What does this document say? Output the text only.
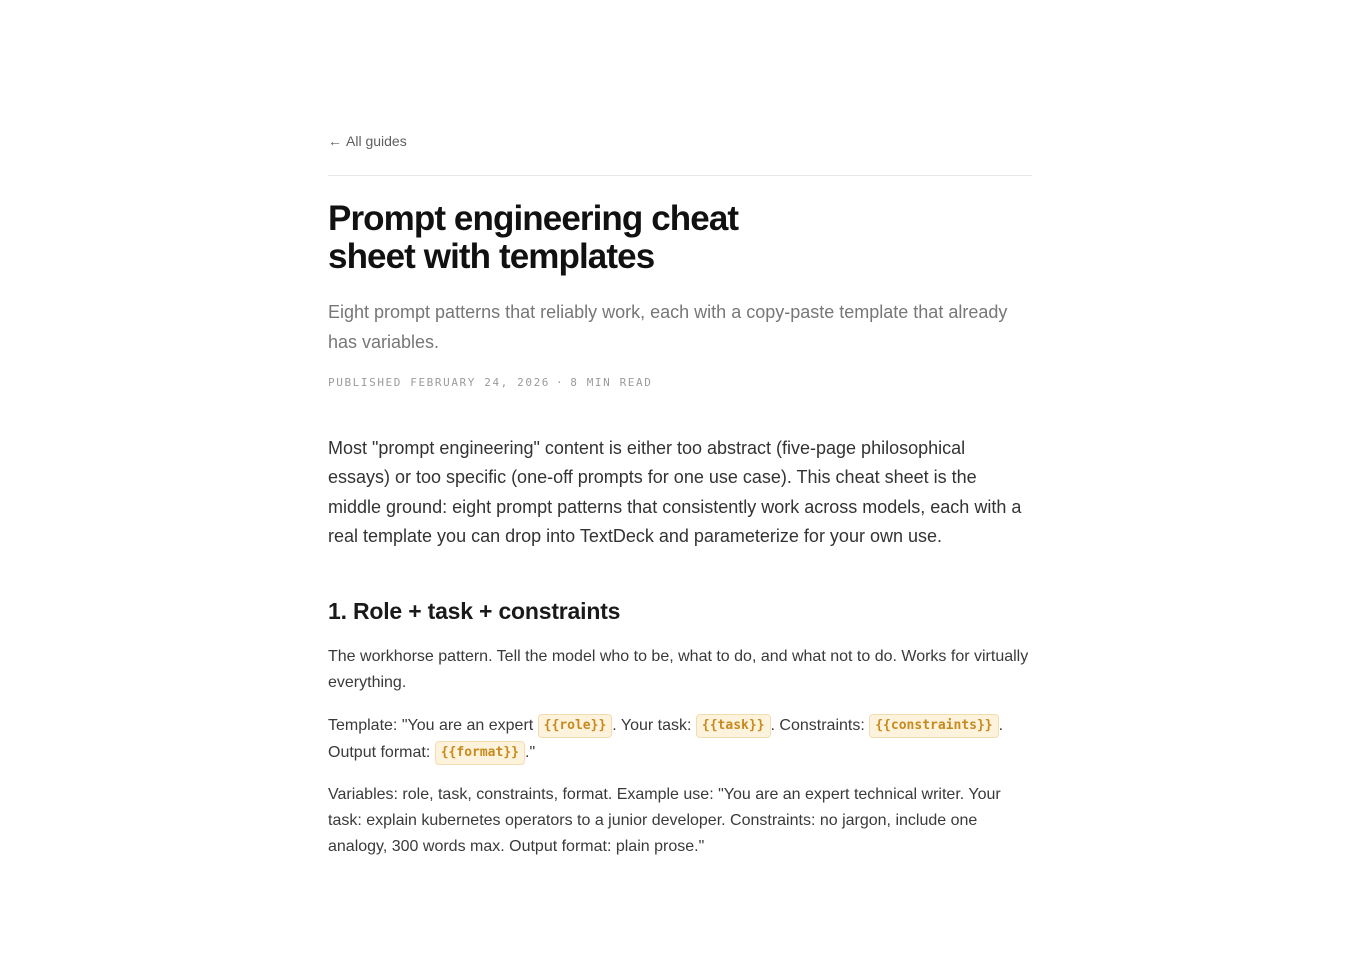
← All guides
Prompt engineering cheat sheet with templates

Eight prompt patterns that reliably work, each with a copy-paste template that already has variables.

PUBLISHED FEBRUARY 24, 2026 · 8 MIN READ

Most "prompt engineering" content is either too abstract (five-page philosophical essays) or too specific (one-off prompts for one use case). This cheat sheet is the middle ground: eight prompt patterns that consistently work across models, each with a real template you can drop into TextDeck and parameterize for your own use.

1. Role + task + constraints

The workhorse pattern. Tell the model who to be, what to do, and what not to do. Works for virtually everything.

Template: "You are an expert {{role}} . Your task: {{task}} . Constraints: {{constraints}} . Output format: {{format}} ."

Variables: role, task, constraints, format. Example use: "You are an expert technical writer. Your task: explain kubernetes operators to a junior developer. Constraints: no jargon, include one analogy, 300 words max. Output format: plain prose."
